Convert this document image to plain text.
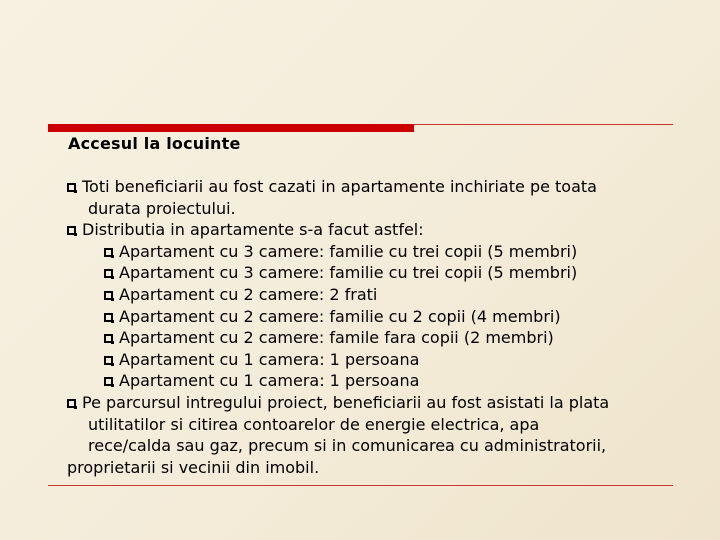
Accesul la locuinte
Toti beneficiarii au fost cazati in apartamente inchiriate pe toata
durata proiectului.
Distributia in apartamente s-a facut astfel:
Apartament cu 3 camere: familie cu trei copii (5 membri)
Apartament cu 3 camere: familie cu trei copii (5 membri)
Apartament cu 2 camere: 2 frati
Apartament cu 2 camere: familie cu 2 copii (4 membri)
Apartament cu 2 camere: famile fara copii (2 membri)
Apartament cu 1 camera: 1 persoana
Apartament cu 1 camera: 1 persoana
Pe parcursul intregului proiect, beneficiarii au fost asistati la plata
utilitatilor si citirea contoarelor de energie electrica, apa
rece/calda sau gaz, precum si in comunicarea cu administratorii,
proprietarii si vecinii din imobil.
